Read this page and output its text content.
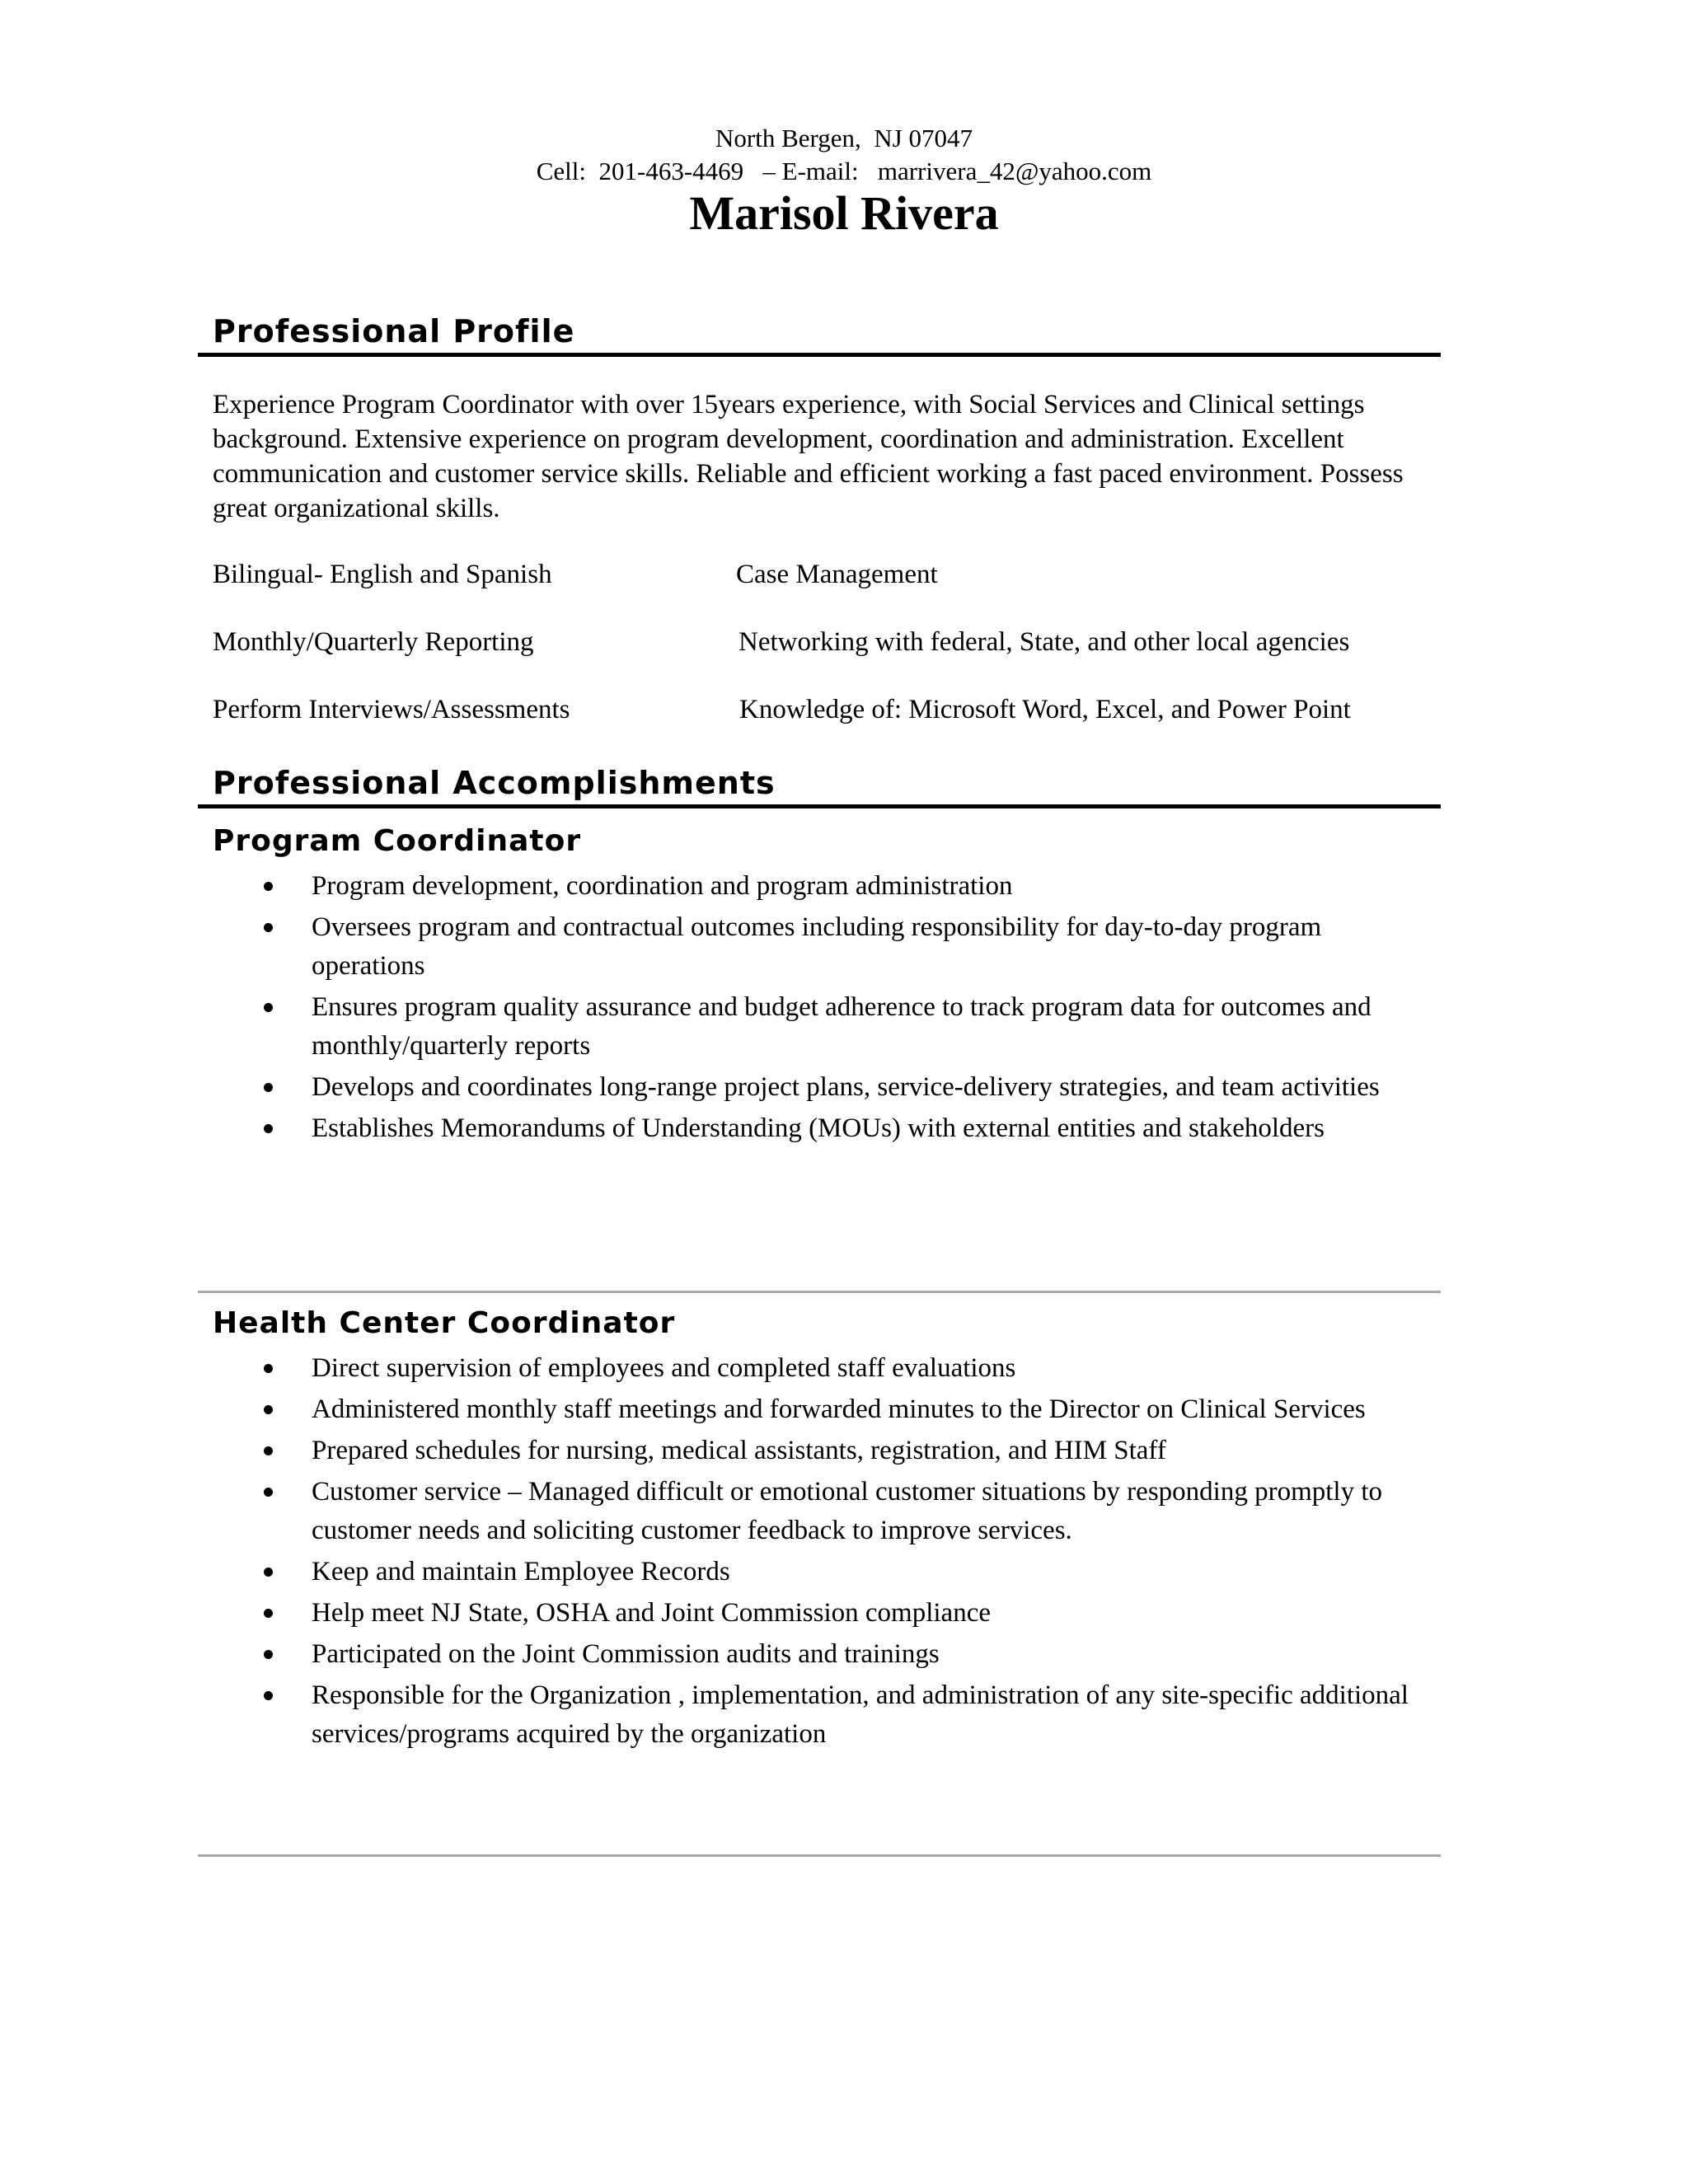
North Bergen,  NJ 07047
Cell:  201-463-4469   – E-mail:   marrivera_42@yahoo.com
Marisol Rivera
Professional Profile
Experience Program Coordinator with over 15years experience, with Social Services and Clinical settings background. Extensive experience on program development, coordination and administration. Excellent communication and customer service skills. Reliable and efficient working a fast paced environment. Possess great organizational skills.
Bilingual- English and Spanish	Case Management
Monthly/Quarterly Reporting	Networking with federal, State, and other local agencies
Perform Interviews/Assessments	Knowledge of: Microsoft Word, Excel, and Power Point
Professional Accomplishments
Program Coordinator
Program development, coordination and program administration
Oversees program and contractual outcomes including responsibility for day-to-day program operations
Ensures program quality assurance and budget adherence to track program data for outcomes and monthly/quarterly reports
Develops and coordinates long-range project plans, service-delivery strategies, and team activities
Establishes Memorandums of Understanding (MOUs) with external entities and stakeholders
Health Center Coordinator
Direct supervision of employees and completed staff evaluations
Administered monthly staff meetings and forwarded minutes to the Director on Clinical Services
Prepared schedules for nursing, medical assistants, registration, and HIM Staff
Customer service – Managed difficult or emotional customer situations by responding promptly to customer needs and soliciting customer feedback to improve services.
Keep and maintain Employee Records
Help meet NJ State, OSHA and Joint Commission compliance
Participated on the Joint Commission audits and trainings
Responsible for the Organization , implementation, and administration of any site-specific additional services/programs acquired by the organization
